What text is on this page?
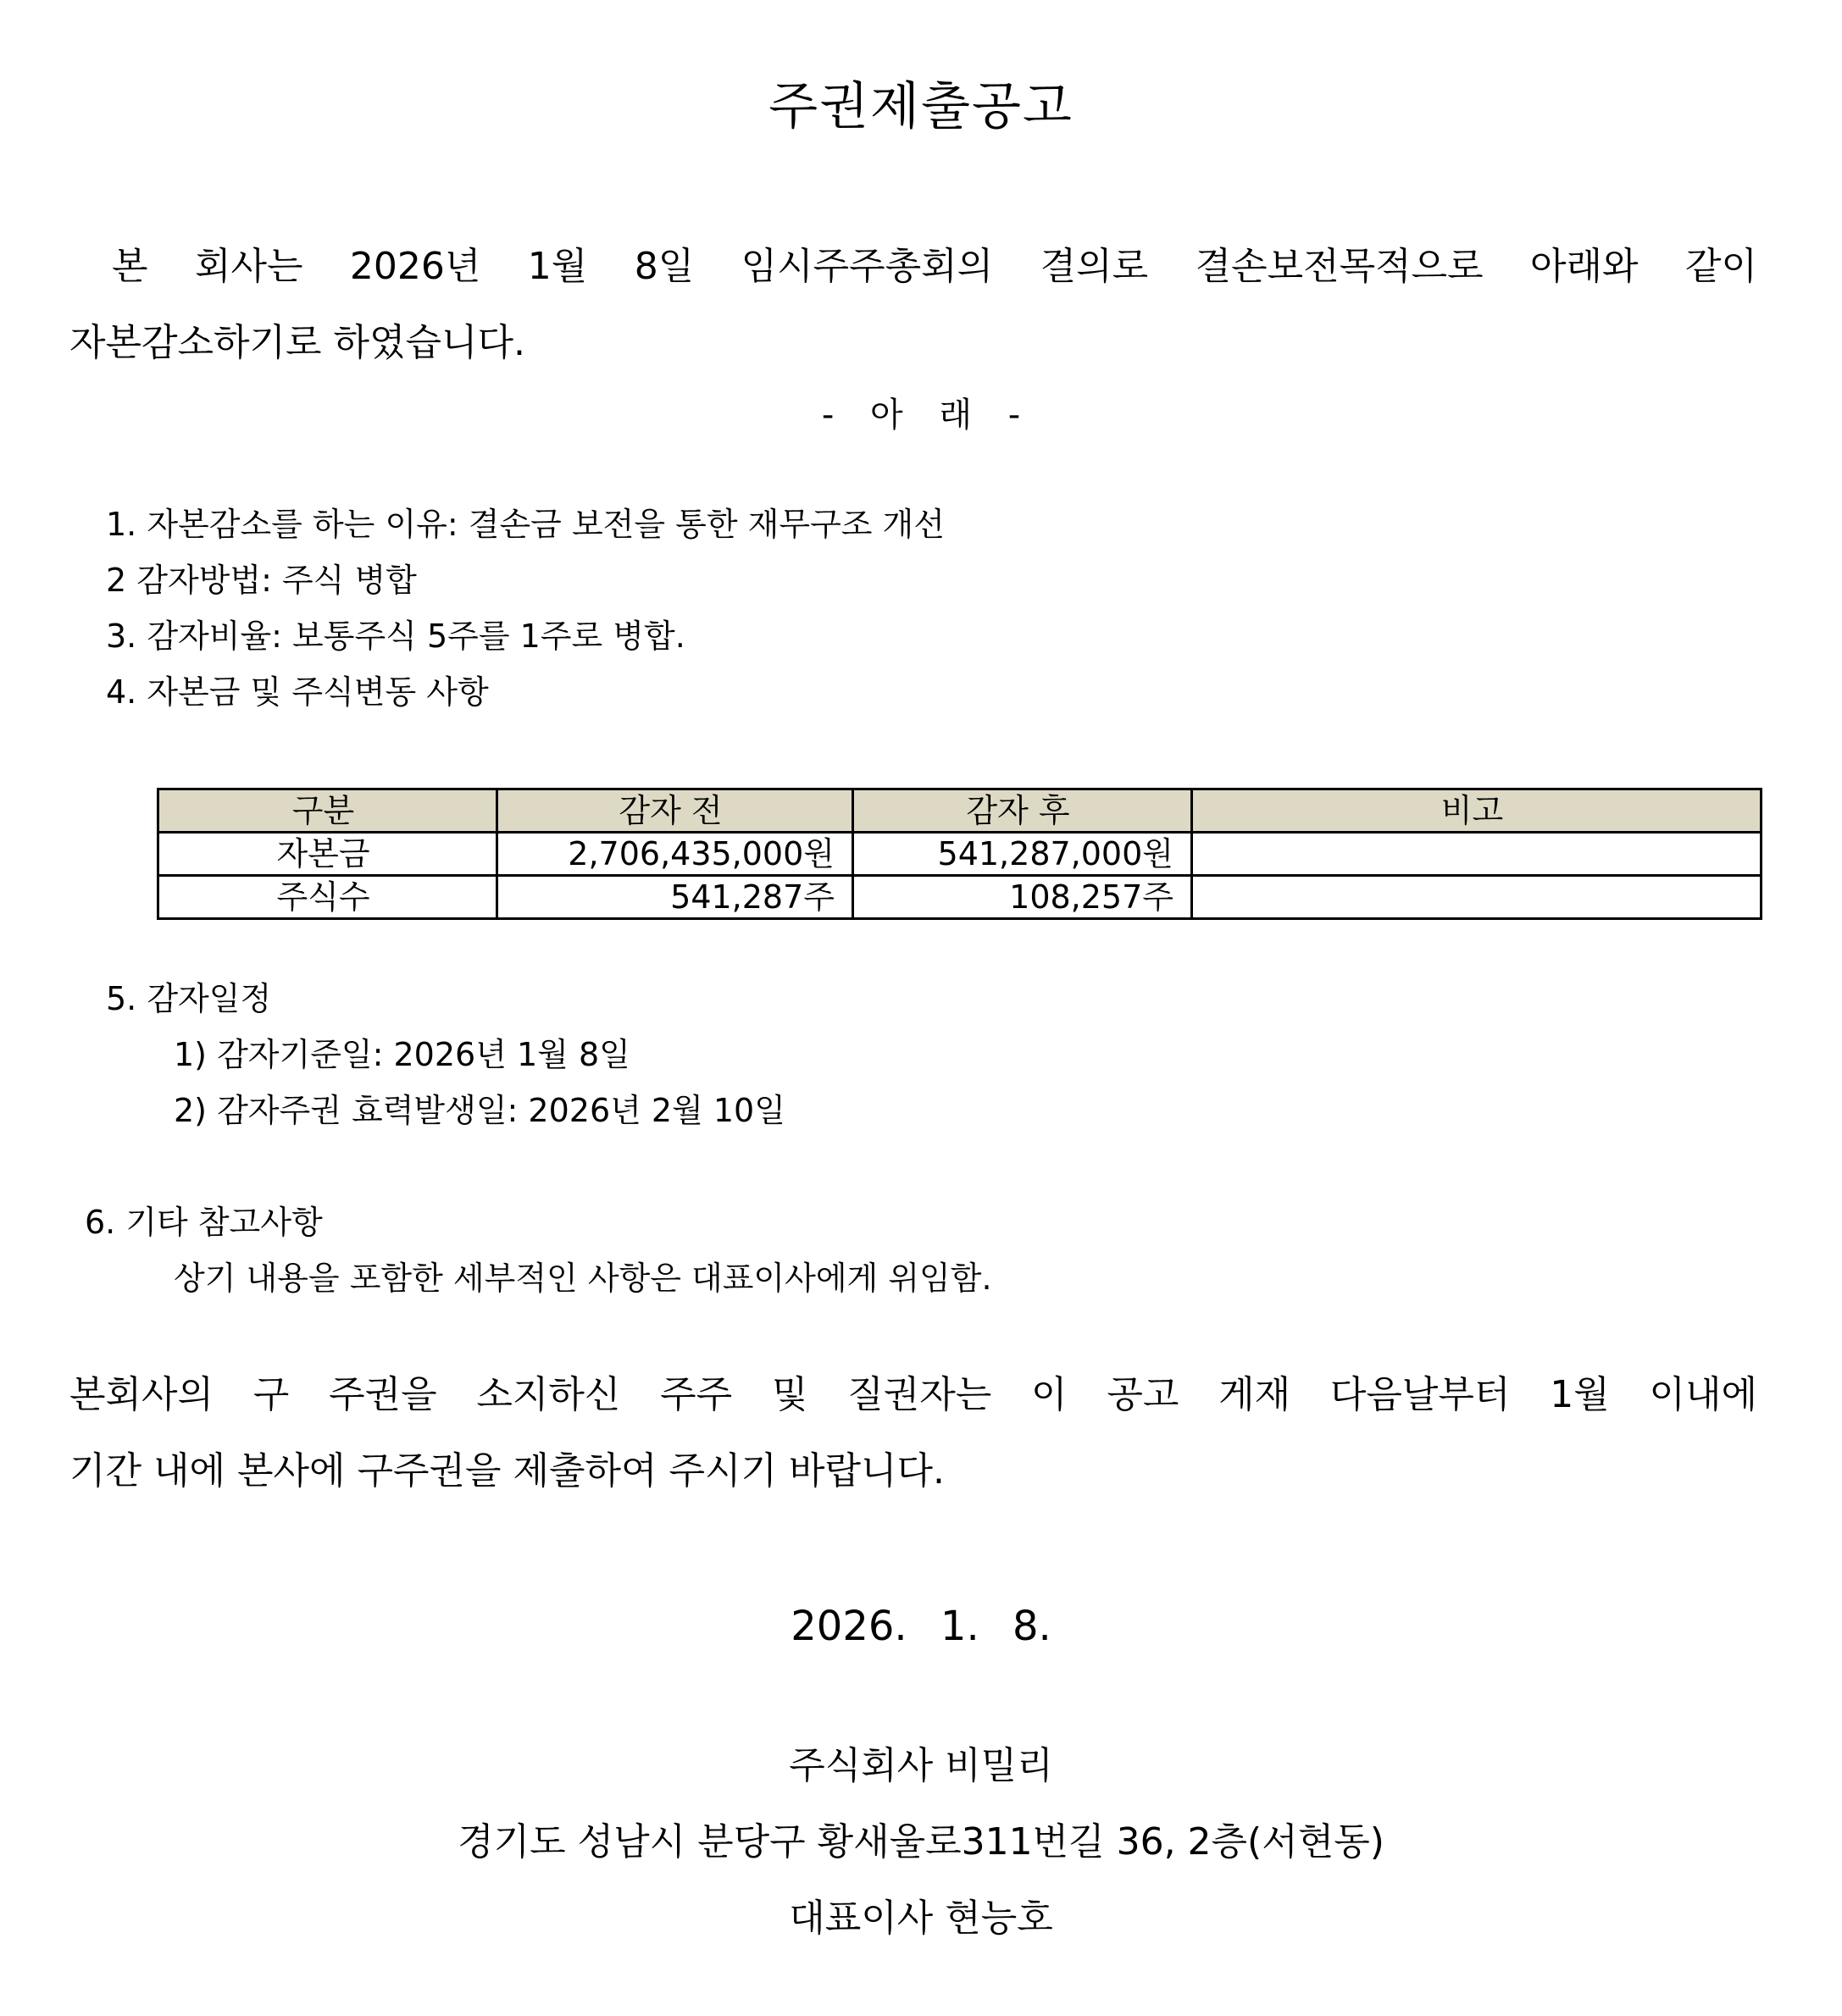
주권제출공고
본 회사는 2026년 1월 8일 임시주주총회의 결의로 결손보전목적으로 아래와 같이
자본감소하기로 하였습니다.
- 아 래 -
1. 자본감소를 하는 이유: 결손금 보전을 통한 재무구조 개선
2 감자방법: 주식 병합
3. 감자비율: 보통주식 5주를 1주로 병합.
4. 자본금 및 주식변동 사항
구분	감자 전	감자 후	비고
자본금	2,706,435,000원	541,287,000원	
주식수	541,287주	108,257주	
5. 감자일정
1) 감자기준일: 2026년 1월 8일
2) 감자주권 효력발생일: 2026년 2월 10일
6. 기타 참고사항
상기 내용을 포함한 세부적인 사항은 대표이사에게 위임함.
본회사의 구 주권을 소지하신 주주 및 질권자는 이 공고 게재 다음날부터 1월 이내에
기간 내에 본사에 구주권을 제출하여 주시기 바랍니다.
2026. 1. 8.
주식회사 비밀리
경기도 성남시 분당구 황새울로311번길 36, 2층(서현동)
대표이사 현능호
